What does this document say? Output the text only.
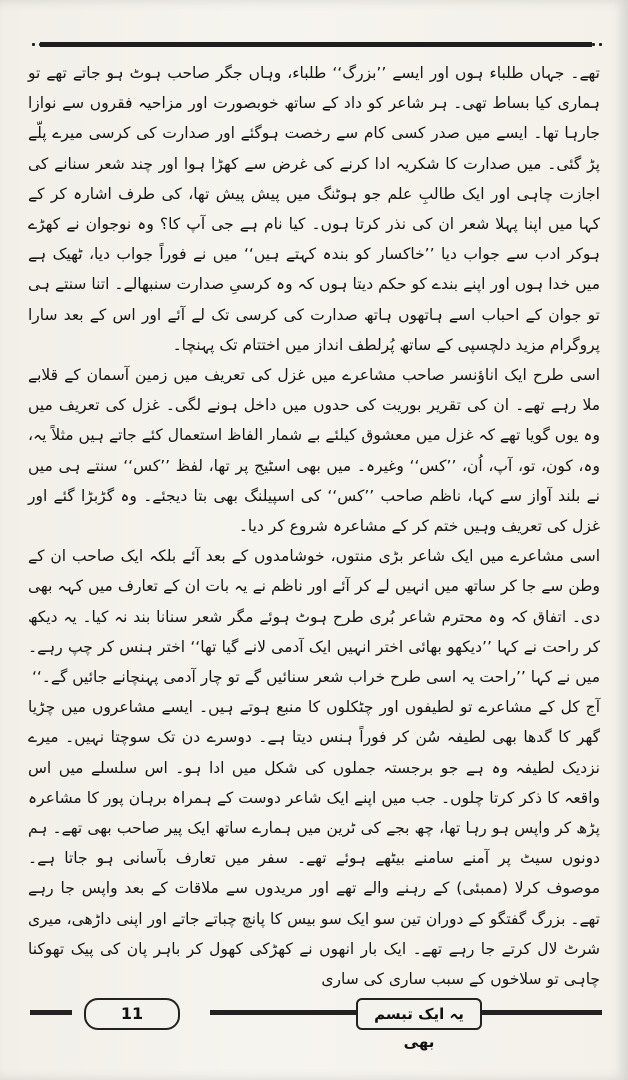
تھے۔ جہاں طلباء ہوں اور ایسے ’’بزرگ‘‘ طلباء، وہاں جگر صاحب ہوٹ ہو جاتے تھے تو ہماری کیا بساط تھی۔ ہر شاعر کو داد کے ساتھ خوبصورت اور مزاحیہ فقروں سے نوازا جارہا تھا۔ ایسے میں صدر کسی کام سے رخصت ہوگئے اور صدارت کی کرسی میرے پلّے پڑ گئی۔ میں صدارت کا شکریہ ادا کرنے کی غرض سے کھڑا ہوا اور چند شعر سنانے کی اجازت چاہی اور ایک طالبِ علم جو ہوٹنگ میں پیش پیش تھا، کی طرف اشارہ کر کے کہا میں اپنا پہلا شعر ان کی نذر کرتا ہوں۔ کیا نام ہے جی آپ کا؟ وہ نوجوان نے کھڑے ہوکر ادب سے جواب دیا ’’خاکسار کو بندہ کہتے ہیں‘‘ میں نے فوراً جواب دیا، ٹھیک ہے میں خدا ہوں اور اپنے بندے کو حکم دیتا ہوں کہ وہ کرسیِ صدارت سنبھالے۔ اتنا سنتے ہی تو جوان کے احباب اسے ہاتھوں ہاتھ صدارت کی کرسی تک لے آئے اور اس کے بعد سارا پروگرام مزید دلچسپی کے ساتھ پُرلطف انداز میں اختتام تک پہنچا۔

اسی طرح ایک اناؤنسر صاحب مشاعرے میں غزل کی تعریف میں زمین آسمان کے قلابے ملا رہے تھے۔ ان کی تقریر بوریت کی حدوں میں داخل ہونے لگی۔ غزل کی تعریف میں وہ یوں گویا تھے کہ غزل میں معشوق کیلئے بے شمار الفاظ استعمال کئے جاتے ہیں مثلاً یہ، وہ، کون، تو، آپ، اُن، ’’کس‘‘ وغیرہ۔ میں بھی اسٹیج پر تھا، لفظ ’’کس‘‘ سنتے ہی میں نے بلند آواز سے کہا، ناظم صاحب ’’کس‘‘ کی اسپیلنگ بھی بتا دیجئے۔ وہ گڑبڑا گئے اور غزل کی تعریف وہیں ختم کر کے مشاعرہ شروع کر دیا۔

اسی مشاعرے میں ایک شاعر بڑی منتوں، خوشامدوں کے بعد آئے بلکہ ایک صاحب ان کے وطن سے جا کر ساتھ میں انہیں لے کر آئے اور ناظم نے یہ بات ان کے تعارف میں کہہ بھی دی۔ اتفاق کہ وہ محترم شاعر بُری طرح ہوٹ ہوئے مگر شعر سنانا بند نہ کیا۔ یہ دیکھ کر راحت نے کہا ’’دیکھو بھائی اختر انہیں ایک آدمی لانے گیا تھا‘‘ اختر ہنس کر چپ رہے۔ میں نے کہا ’’راحت یہ اسی طرح خراب شعر سنائیں گے تو چار آدمی پہنچانے جائیں گے۔‘‘

آج کل کے مشاعرے تو لطیفوں اور چٹکلوں کا منبع ہوتے ہیں۔ ایسے مشاعروں میں چڑیا گھر کا گدھا بھی لطیفہ سُن کر فوراً ہنس دیتا ہے۔ دوسرے دن تک سوچتا نہیں۔ میرے نزدیک لطیفہ وہ ہے جو برجستہ جملوں کی شکل میں ادا ہو۔ اس سلسلے میں اس واقعہ کا ذکر کرتا چلوں۔ جب میں اپنے ایک شاعر دوست کے ہمراہ برہان پور کا مشاعرہ پڑھ کر واپس ہو رہا تھا، چھ بجے کی ٹرین میں ہمارے ساتھ ایک پیر صاحب بھی تھے۔ ہم دونوں سیٹ پر آمنے سامنے بیٹھے ہوئے تھے۔ سفر میں تعارف بآسانی ہو جاتا ہے۔ موصوف کرلا (ممبئی) کے رہنے والے تھے اور مریدوں سے ملاقات کے بعد واپس جا رہے تھے۔ بزرگ گفتگو کے دوران تین سو ایک سو بیس کا پانچ چباتے جاتے اور اپنی داڑھی، میری شرٹ لال کرتے جا رہے تھے۔ ایک بار انھوں نے کھڑکی کھول کر باہر پان کی پیک تھوکنا چاہی تو سلاخوں کے سبب ساری کی ساری

11	یہ ایک تبسم بھی
